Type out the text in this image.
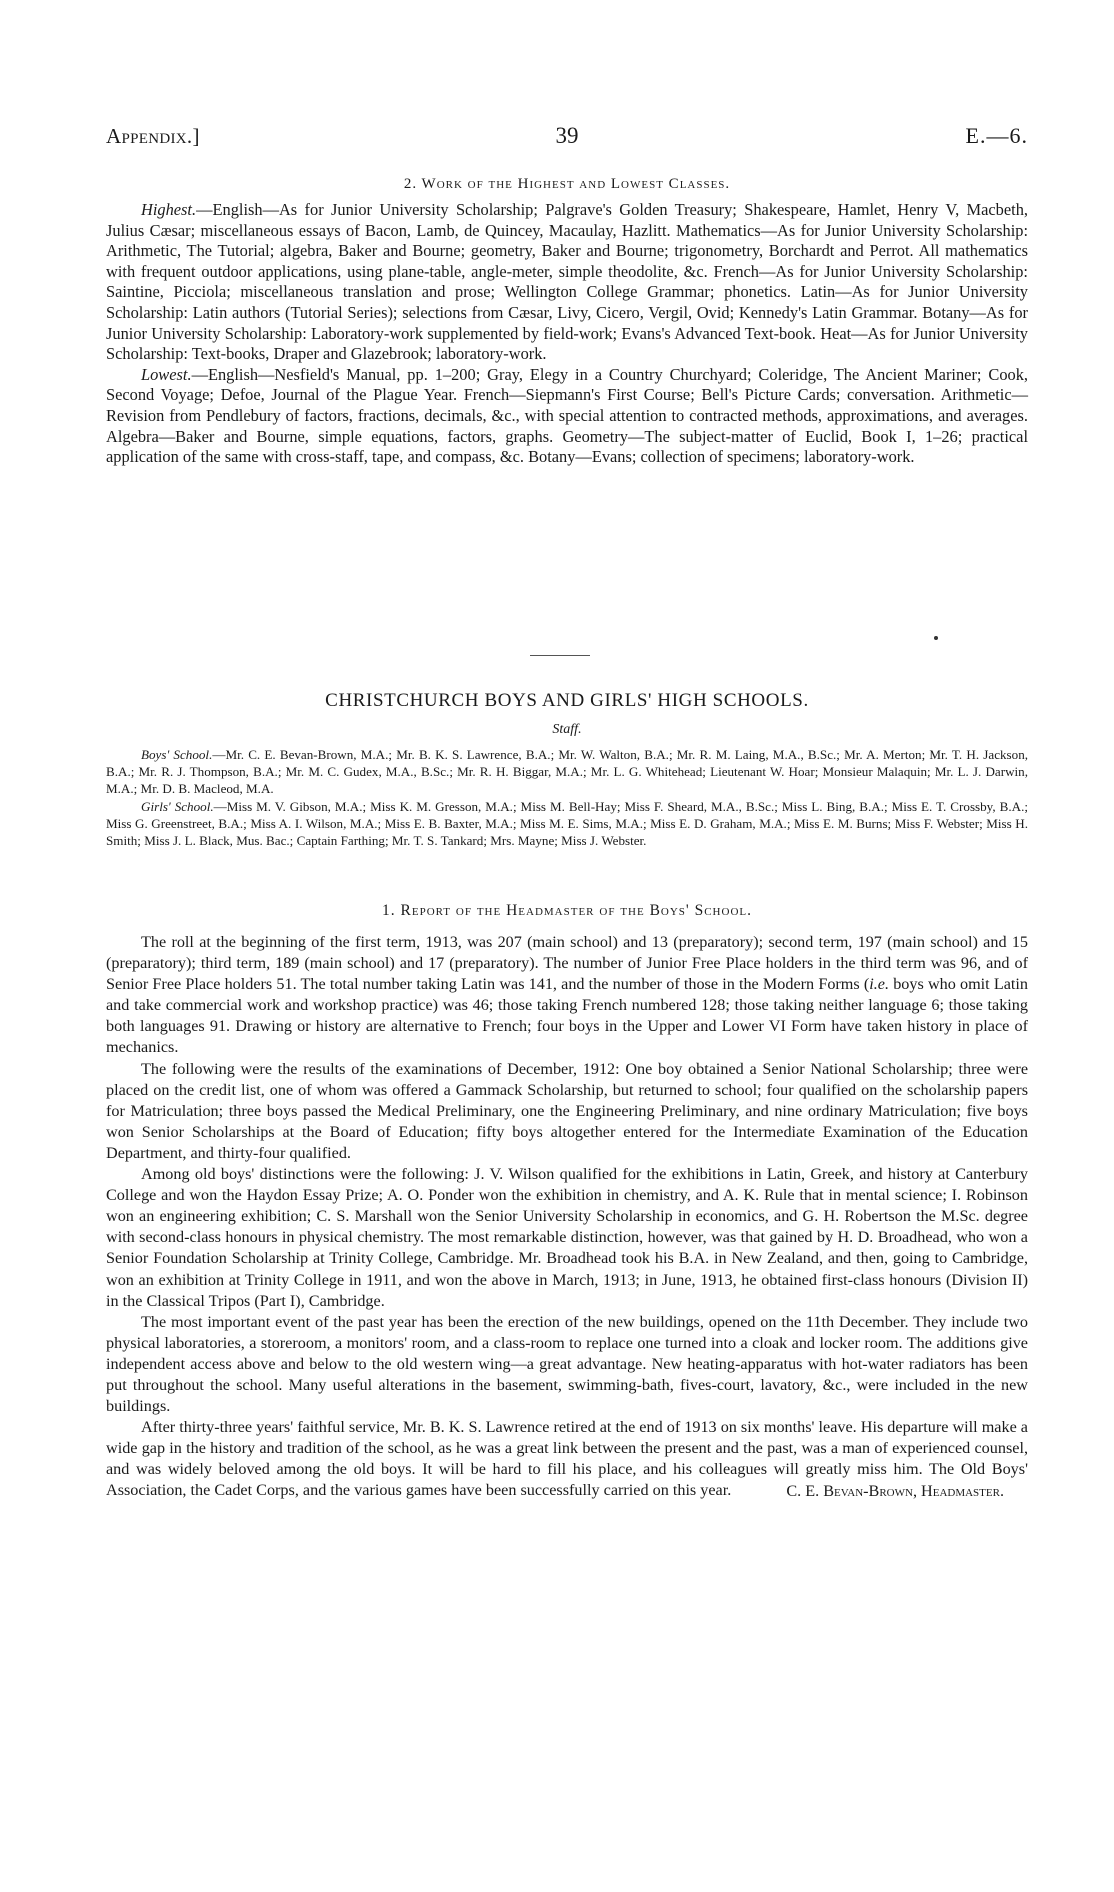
39
Appendix.]	E.—6.
2. Work of the Highest and Lowest Classes.

Highest.—English—As for Junior University Scholarship; Palgrave's Golden Treasury; Shakespeare, Hamlet, Henry V, Macbeth, Julius Cæsar; miscellaneous essays of Bacon, Lamb, de Quincey, Macaulay, Hazlitt. Mathematics—As for Junior University Scholarship: Arithmetic, The Tutorial; algebra, Baker and Bourne; geometry, Baker and Bourne; trigonometry, Borchardt and Perrot. All mathematics with frequent outdoor applications, using plane-table, angle-meter, simple theodolite, &c. French—As for Junior University Scholarship: Saintine, Picciola; miscellaneous translation and prose; Wellington College Grammar; phonetics. Latin—As for Junior University Scholarship: Latin authors (Tutorial Series); selections from Cæsar, Livy, Cicero, Vergil, Ovid; Kennedy's Latin Grammar. Botany—As for Junior University Scholarship: Laboratory-work supplemented by field-work; Evans's Advanced Text-book. Heat—As for Junior University Scholarship: Text-books, Draper and Glazebrook; laboratory-work.

Lowest.—English—Nesfield's Manual, pp. 1–200; Gray, Elegy in a Country Churchyard; Coleridge, The Ancient Mariner; Cook, Second Voyage; Defoe, Journal of the Plague Year. French—Siepmann's First Course; Bell's Picture Cards; conversation. Arithmetic—Revision from Pendlebury of factors, fractions, decimals, &c., with special attention to contracted methods, approximations, and averages. Algebra—Baker and Bourne, simple equations, factors, graphs. Geometry—The subject-matter of Euclid, Book I, 1–26; practical application of the same with cross-staff, tape, and compass, &c. Botany—Evans; collection of specimens; laboratory-work.

CHRISTCHURCH BOYS AND GIRLS' HIGH SCHOOLS.
Staff.

Boys' School.—Mr. C. E. Bevan-Brown, M.A.; Mr. B. K. S. Lawrence, B.A.; Mr. W. Walton, B.A.; Mr. R. M. Laing, M.A., B.Sc.; Mr. A. Merton; Mr. T. H. Jackson, B.A.; Mr. R. J. Thompson, B.A.; Mr. M. C. Gudex, M.A., B.Sc.; Mr. R. H. Biggar, M.A.; Mr. L. G. Whitehead; Lieutenant W. Hoar; Monsieur Malaquin; Mr. L. J. Darwin, M.A.; Mr. D. B. Macleod, M.A.

Girls' School.—Miss M. V. Gibson, M.A.; Miss K. M. Gresson, M.A.; Miss M. Bell-Hay; Miss F. Sheard, M.A., B.Sc.; Miss L. Bing, B.A.; Miss E. T. Crossby, B.A.; Miss G. Greenstreet, B.A.; Miss A. I. Wilson, M.A.; Miss E. B. Baxter, M.A.; Miss M. E. Sims, M.A.; Miss E. D. Graham, M.A.; Miss E. M. Burns; Miss F. Webster; Miss H. Smith; Miss J. L. Black, Mus. Bac.; Captain Farthing; Mr. T. S. Tankard; Mrs. Mayne; Miss J. Webster.

1. Report of the Headmaster of the Boys' School.

The roll at the beginning of the first term, 1913, was 207 (main school) and 13 (preparatory); second term, 197 (main school) and 15 (preparatory); third term, 189 (main school) and 17 (preparatory). The number of Junior Free Place holders in the third term was 96, and of Senior Free Place holders 51. The total number taking Latin was 141, and the number of those in the Modern Forms (i.e. boys who omit Latin and take commercial work and workshop practice) was 46; those taking French numbered 128; those taking neither language 6; those taking both languages 91. Drawing or history are alternative to French; four boys in the Upper and Lower VI Form have taken history in place of mechanics.

The following were the results of the examinations of December, 1912: One boy obtained a Senior National Scholarship; three were placed on the credit list, one of whom was offered a Gammack Scholarship, but returned to school; four qualified on the scholarship papers for Matriculation; three boys passed the Medical Preliminary, one the Engineering Preliminary, and nine ordinary Matriculation; five boys won Senior Scholarships at the Board of Education; fifty boys altogether entered for the Intermediate Examination of the Education Department, and thirty-four qualified.

Among old boys' distinctions were the following: J. V. Wilson qualified for the exhibitions in Latin, Greek, and history at Canterbury College and won the Haydon Essay Prize; A. O. Ponder won the exhibition in chemistry, and A. K. Rule that in mental science; I. Robinson won an engineering exhibition; C. S. Marshall won the Senior University Scholarship in economics, and G. H. Robertson the M.Sc. degree with second-class honours in physical chemistry. The most remarkable distinction, however, was that gained by H. D. Broadhead, who won a Senior Foundation Scholarship at Trinity College, Cambridge. Mr. Broadhead took his B.A. in New Zealand, and then, going to Cambridge, won an exhibition at Trinity College in 1911, and won the above in March, 1913; in June, 1913, he obtained first-class honours (Division II) in the Classical Tripos (Part I), Cambridge.

The most important event of the past year has been the erection of the new buildings, opened on the 11th December. They include two physical laboratories, a storeroom, a monitors' room, and a class-room to replace one turned into a cloak and locker room. The additions give independent access above and below to the old western wing—a great advantage. New heating-apparatus with hot-water radiators has been put throughout the school. Many useful alterations in the basement, swimming-bath, fives-court, lavatory, &c., were included in the new buildings.

After thirty-three years' faithful service, Mr. B. K. S. Lawrence retired at the end of 1913 on six months' leave. His departure will make a wide gap in the history and tradition of the school, as he was a great link between the present and the past, was a man of experienced counsel, and was widely beloved among the old boys. It will be hard to fill his place, and his colleagues will greatly miss him. The Old Boys' Association, the Cadet Corps, and the various games have been successfully carried on this year.	C. E. Bevan-Brown, Headmaster.
